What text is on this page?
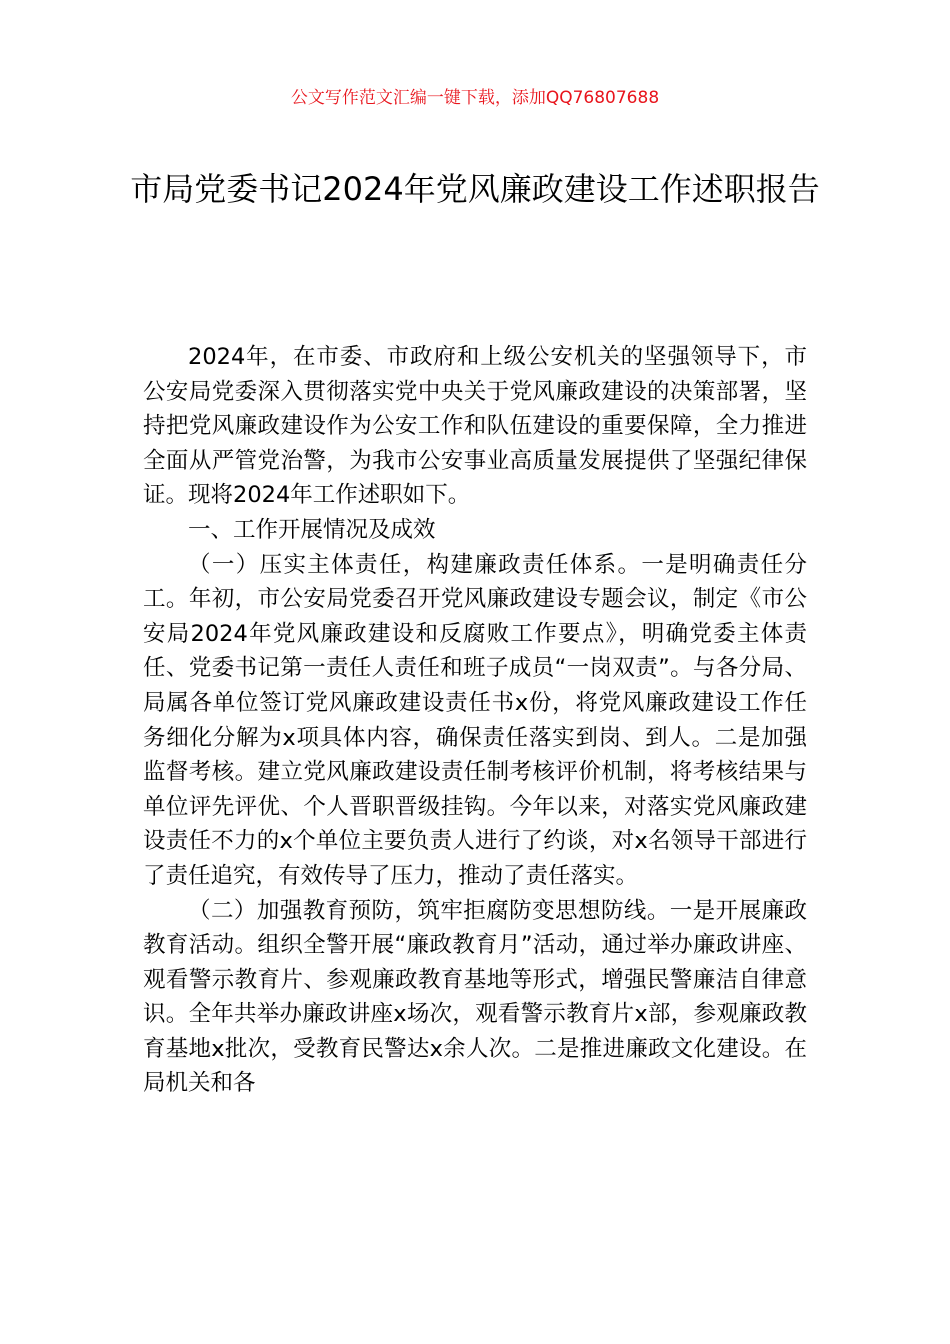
公文写作范文汇编一键下载，添加QQ76807688
市局党委书记2024年党风廉政建设工作述职报告

2024年，在市委、市政府和上级公安机关的坚强领导下，市公安局党委深入贯彻落实党中央关于党风廉政建设的决策部署，坚持把党风廉政建设作为公安工作和队伍建设的重要保障，全力推进全面从严管党治警，为我市公安事业高质量发展提供了坚强纪律保证。现将2024年工作述职如下。

一、工作开展情况及成效

（一）压实主体责任，构建廉政责任体系。一是明确责任分工。年初，市公安局党委召开党风廉政建设专题会议，制定《市公安局2024年党风廉政建设和反腐败工作要点》，明确党委主体责任、党委书记第一责任人责任和班子成员“一岗双责”。与各分局、局属各单位签订党风廉政建设责任书x份，将党风廉政建设工作任务细化分解为x项具体内容，确保责任落实到岗、到人。二是加强监督考核。建立党风廉政建设责任制考核评价机制，将考核结果与单位评先评优、个人晋职晋级挂钩。今年以来，对落实党风廉政建设责任不力的x个单位主要负责人进行了约谈，对x名领导干部进行了责任追究，有效传导了压力，推动了责任落实。

（二）加强教育预防，筑牢拒腐防变思想防线。一是开展廉政教育活动。组织全警开展“廉政教育月”活动，通过举办廉政讲座、观看警示教育片、参观廉政教育基地等形式，增强民警廉洁自律意识。全年共举办廉政讲座x场次，观看警示教育片x部，参观廉政教育基地x批次，受教育民警达x余人次。二是推进廉政文化建设。在局机关和各
